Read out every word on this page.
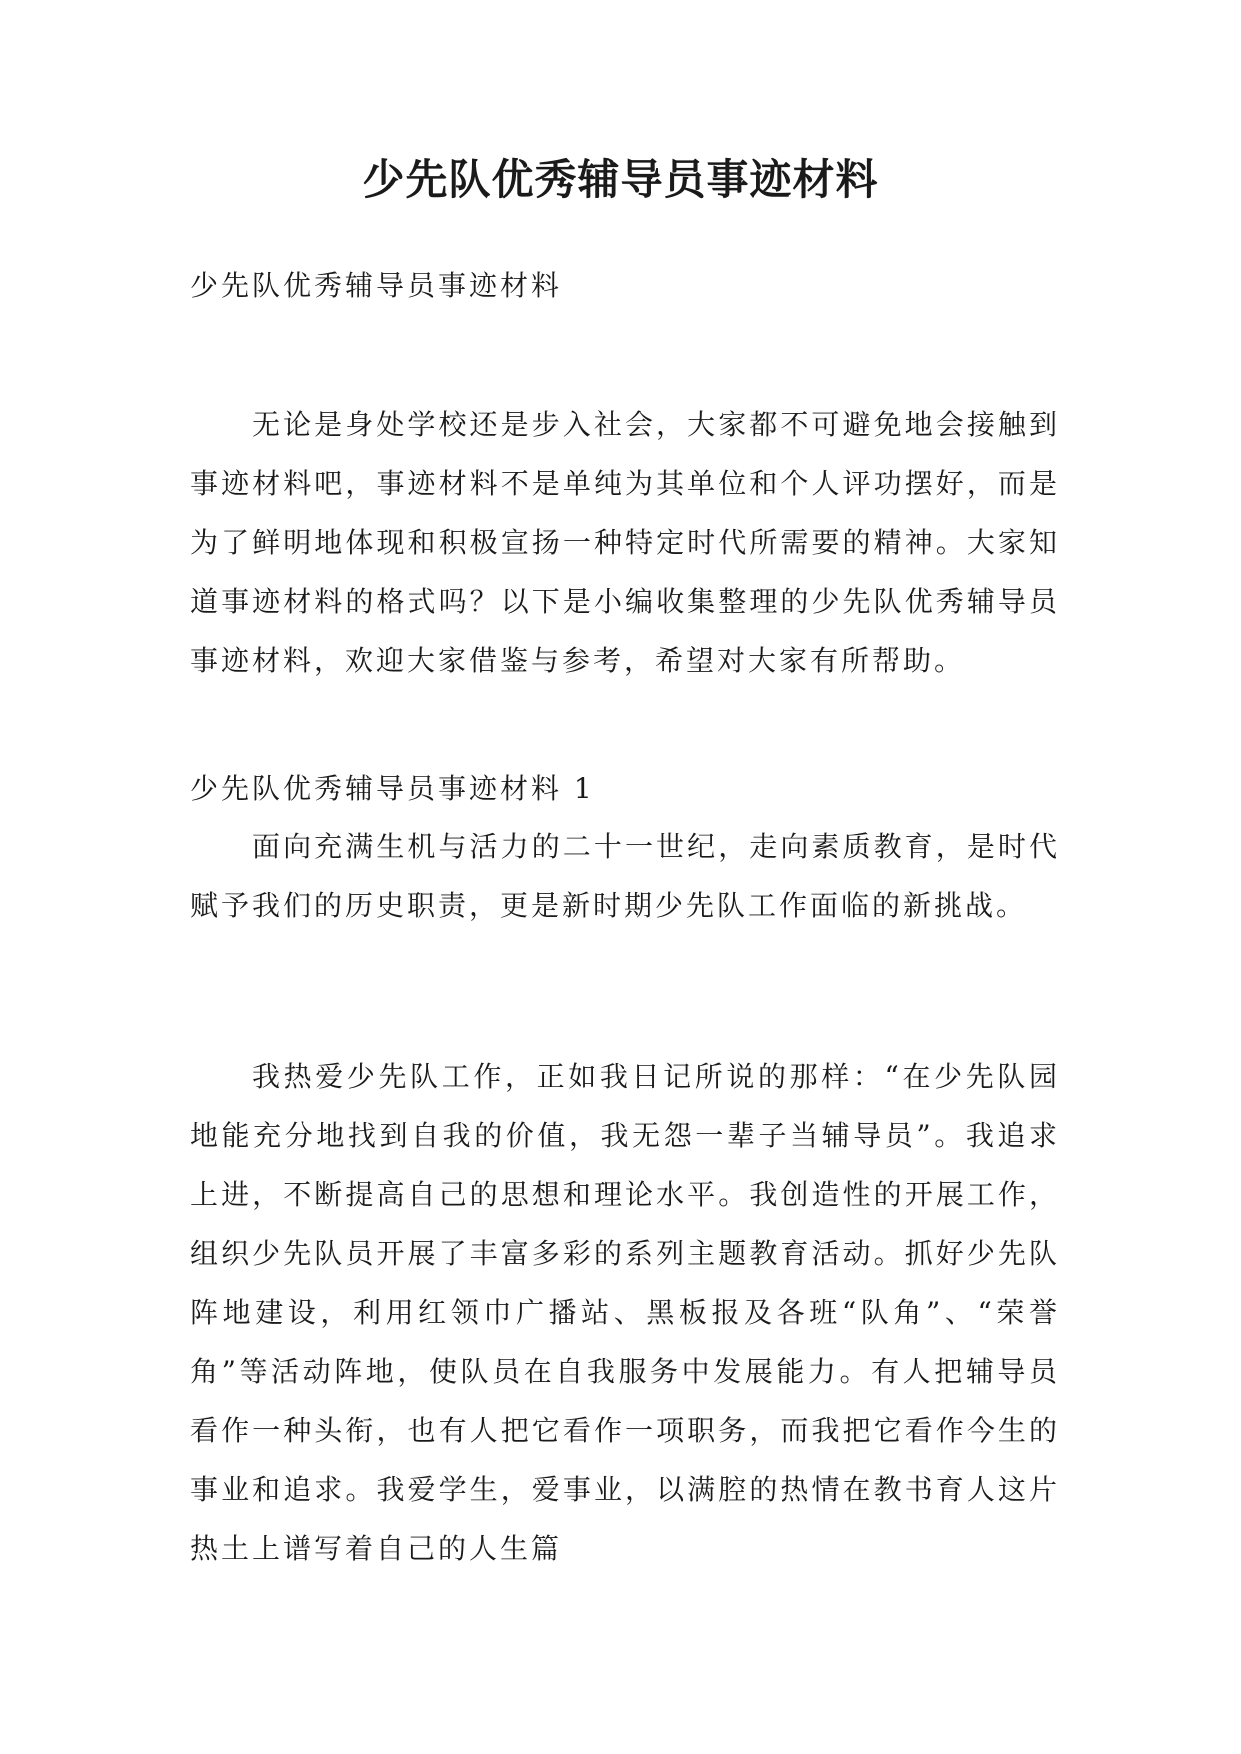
少先队优秀辅导员事迹材料

少先队优秀辅导员事迹材料

无论是身处学校还是步入社会，大家都不可避免地会接触到事迹材料吧，事迹材料不是单纯为其单位和个人评功摆好，而是为了鲜明地体现和积极宣扬一种特定时代所需要的精神。大家知道事迹材料的格式吗？以下是小编收集整理的少先队优秀辅导员事迹材料，欢迎大家借鉴与参考，希望对大家有所帮助。

少先队优秀辅导员事迹材料 1

面向充满生机与活力的二十一世纪，走向素质教育，是时代赋予我们的历史职责，更是新时期少先队工作面临的新挑战。

我热爱少先队工作，正如我日记所说的那样：“在少先队园地能充分地找到自我的价值，我无怨一辈子当辅导员”。我追求上进，不断提高自己的思想和理论水平。我创造性的开展工作，组织少先队员开展了丰富多彩的系列主题教育活动。抓好少先队阵地建设，利用红领巾广播站、黑板报及各班“队角”、“荣誉角”等活动阵地，使队员在自我服务中发展能力。有人把辅导员看作一种头衔，也有人把它看作一项职务，而我把它看作今生的事业和追求。我爱学生，爱事业，以满腔的热情在教书育人这片热土上谱写着自己的人生篇
